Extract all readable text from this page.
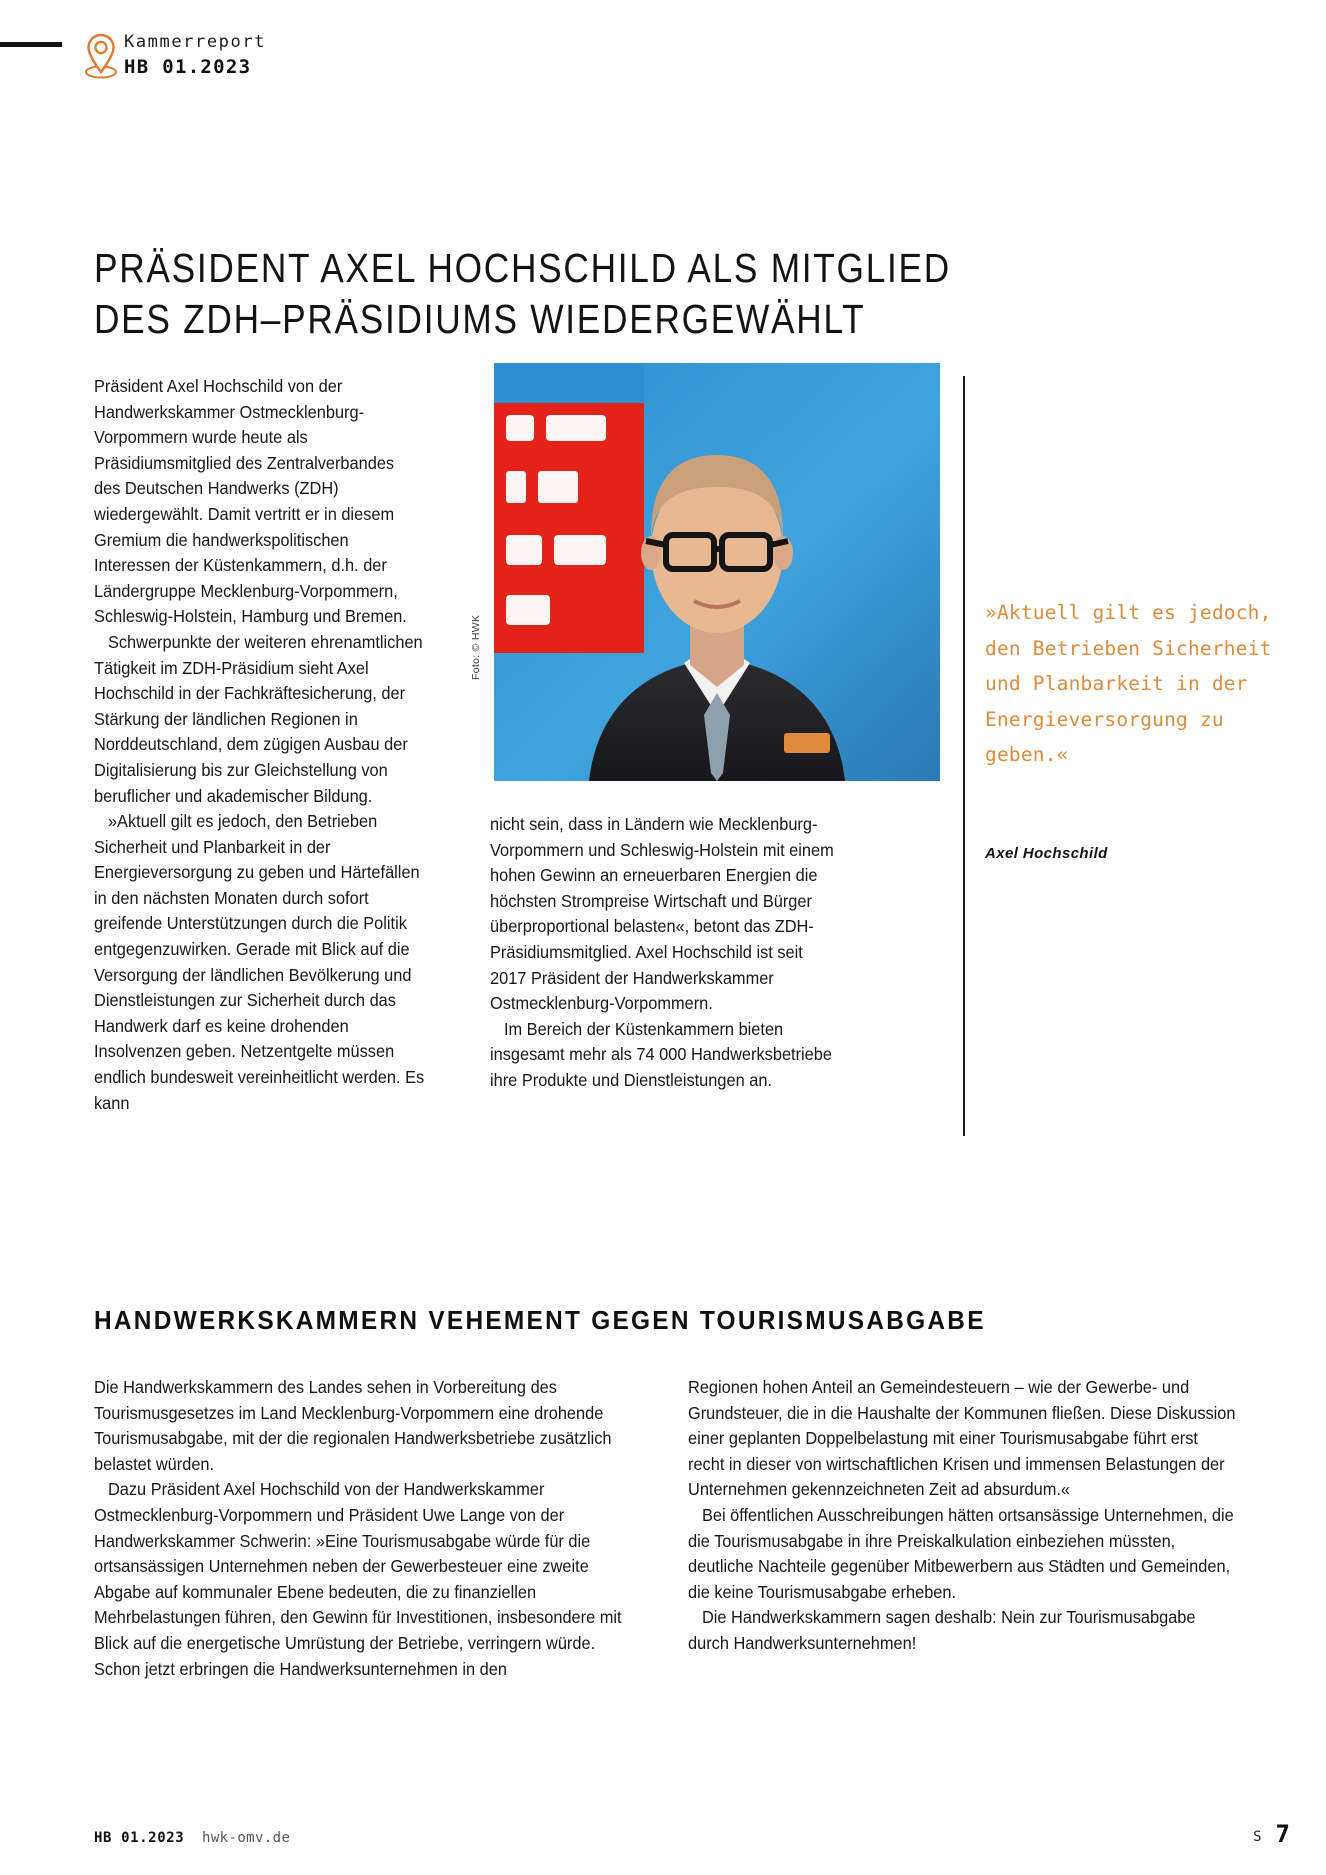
Kammerreport
HB 01.2023
PRÄSIDENT AXEL HOCHSCHILD ALS MITGLIED
DES ZDH–PRÄSIDIUMS WIEDERGEWÄHLT

Präsident Axel Hochschild von der Handwerkskammer Ostmecklenburg-Vorpommern wurde heute als Präsidiumsmitglied des Zentralverbandes des Deutschen Handwerks (ZDH) wiedergewählt. Damit vertritt er in diesem Gremium die handwerkspolitischen Interessen der Küstenkammern, d.h. der Ländergruppe Mecklenburg-Vorpommern, Schleswig-Holstein, Hamburg und Bremen.

Schwerpunkte der weiteren ehrenamtlichen Tätigkeit im ZDH-Präsidium sieht Axel Hochschild in der Fachkräftesicherung, der Stärkung der ländlichen Regionen in Norddeutschland, dem zügigen Ausbau der Digitalisierung bis zur Gleichstellung von beruflicher und akademischer Bildung.

»Aktuell gilt es jedoch, den Betrieben Sicherheit und Planbarkeit in der Energieversorgung zu geben und Härtefällen in den nächsten Monaten durch sofort greifende Unterstützungen durch die Politik entgegenzuwirken. Gerade mit Blick auf die Versorgung der ländlichen Bevölkerung und Dienstleistungen zur Sicherheit durch das Handwerk darf es keine drohenden Insolvenzen geben. Netzentgelte müssen endlich bundesweit vereinheitlicht werden. Es kann

Foto: © HWK

nicht sein, dass in Ländern wie Mecklenburg-Vorpommern und Schleswig-Holstein mit einem hohen Gewinn an erneuerbaren Energien die höchsten Strompreise Wirtschaft und Bürger überproportional belasten«, betont das ZDH-Präsidiumsmitglied. Axel Hochschild ist seit 2017 Präsident der Handwerkskammer Ostmecklenburg-Vorpommern.

Im Bereich der Küstenkammern bieten insgesamt mehr als 74 000 Handwerksbetriebe ihre Produkte und Dienstleistungen an.

»Aktuell gilt es jedoch, den Betrieben Sicherheit und Planbarkeit in der Energieversorgung zu geben.«
Axel Hochschild
HANDWERKSKAMMERN VEHEMENT GEGEN TOURISMUSABGABE

Die Handwerkskammern des Landes sehen in Vorbereitung des Tourismusgesetzes im Land Mecklenburg-Vorpommern eine drohende Tourismusabgabe, mit der die regionalen Handwerksbetriebe zusätzlich belastet würden.

Dazu Präsident Axel Hochschild von der Handwerkskammer Ostmecklenburg-Vorpommern und Präsident Uwe Lange von der Handwerkskammer Schwerin: »Eine Tourismusabgabe würde für die ortsansässigen Unternehmen neben der Gewerbesteuer eine zweite Abgabe auf kommunaler Ebene bedeuten, die zu finanziellen Mehrbelastungen führen, den Gewinn für Investitionen, insbesondere mit Blick auf die energetische Umrüstung der Betriebe, verringern würde. Schon jetzt erbringen die Handwerksunternehmen in den

Regionen hohen Anteil an Gemeindesteuern – wie der Gewerbe- und Grundsteuer, die in die Haushalte der Kommunen fließen. Diese Diskussion einer geplanten Doppelbelastung mit einer Tourismusabgabe führt erst recht in dieser von wirtschaftlichen Krisen und immensen Belastungen der Unternehmen gekennzeichneten Zeit ad absurdum.«

Bei öffentlichen Ausschreibungen hätten ortsansässige Unternehmen, die die Tourismusabgabe in ihre Preiskalkulation einbeziehen müssten, deutliche Nachteile gegenüber Mitbewerbern aus Städten und Gemeinden, die keine Tourismusabgabe erheben.

Die Handwerkskammern sagen deshalb: Nein zur Tourismusabgabe durch Handwerksunternehmen!

HB 01.2023 hwk-omv.de	S 7
